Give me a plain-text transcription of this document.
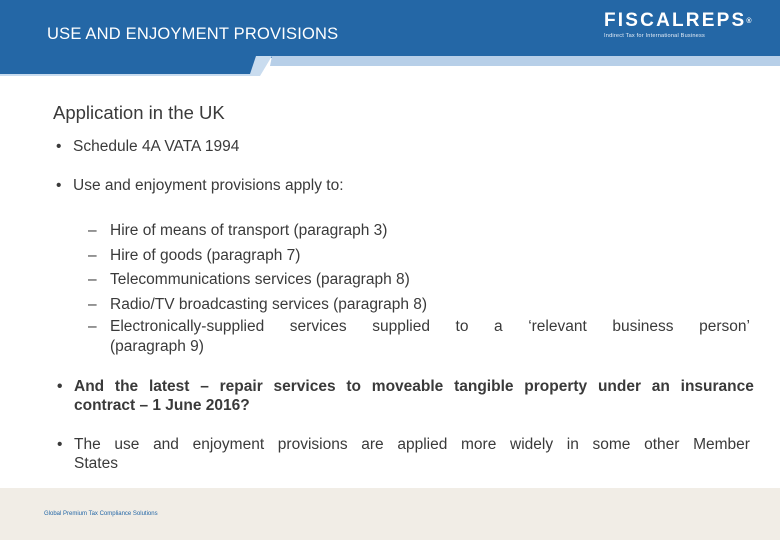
USE AND ENJOYMENT PROVISIONS
FISCALREPS®
Indirect Tax for International Business
Application in the UK
• Schedule 4A VATA 1994
• Use and enjoyment provisions apply to:
– Hire of means of transport (paragraph 3)
– Hire of goods (paragraph 7)
– Telecommunications services (paragraph 8)
– Radio/TV broadcasting services (paragraph 8)
– Electronically-supplied services supplied to a ‘relevant business person’
(paragraph 9)
• And the latest – repair services to moveable tangible property under an insurance
contract – 1 June 2016?
• The use and enjoyment provisions are applied more widely in some other Member
States
Global Premium Tax Compliance Solutions
